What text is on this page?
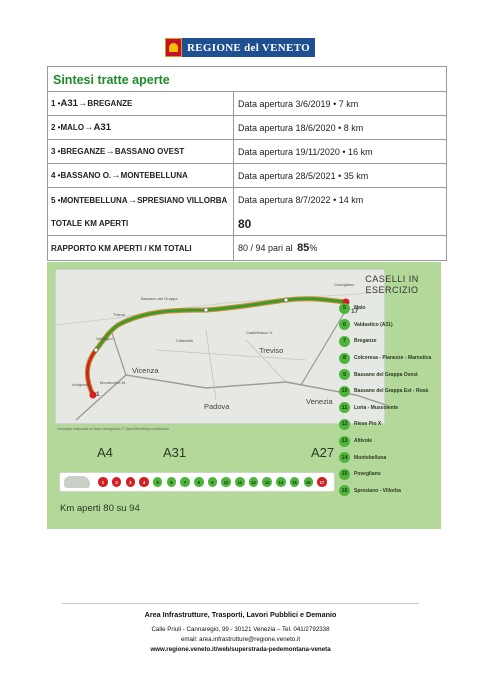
REGIONE del VENETO
Sintesi tratte aperte
1 • A31 → BREGANZE	Data apertura 3/6/2019 • 7 km
2 • MALO → A31	Data apertura 18/6/2020 • 8 km
3 • BREGANZE → BASSANO OVEST	Data apertura 19/11/2020 • 16 km
4 • BASSANO O. → MONTEBELLUNA	Data apertura 28/5/2021 • 35 km
5 • MONTEBELLUNA → SPRESIANO VILLORBA	Data apertura 8/7/2022 • 14 km
TOTALE KM APERTI	80
RAPPORTO KM APERTI / KM TOTALI	80 / 94 pari al
85 %
1
17
Bassano del Grappa
Valdagno
Thiene
Cittadella
Castelfranco V.
Conegliano
Arzignano Montecchio M.
Vicenza
Treviso
Padova
Venezia
Immagine elaborata su base cartografica © OpenStreetMap contributors
CASELLI IN ESERCIZIO
5	Malo
6	Valdastico (A31)
7	Breganze
8	Colceresa - Pianezze - Marostica
9	Bassano del Grappa Ovest
10	Bassano del Grappa Est - Rosà
11	Loria - Mussolente
12	Riese Pio X
13	Altivole
14	Montebelluna
15	Povegliano
16	Spresiano - Villorba
A4	A31	A27
1	2	3	4	5	6	7	8	9	10	11	12	13	14	15	16	17
Km aperti 80 su 94
Area Infrastrutture, Trasporti, Lavori Pubblici e Demanio
Calle Priuli - Cannaregio, 99 - 30121 Venezia – Tel. 041/2792338
email: area.infrastrutture@regione.veneto.it
www.regione.veneto.it/web/superstrada-pedemontana-veneta
